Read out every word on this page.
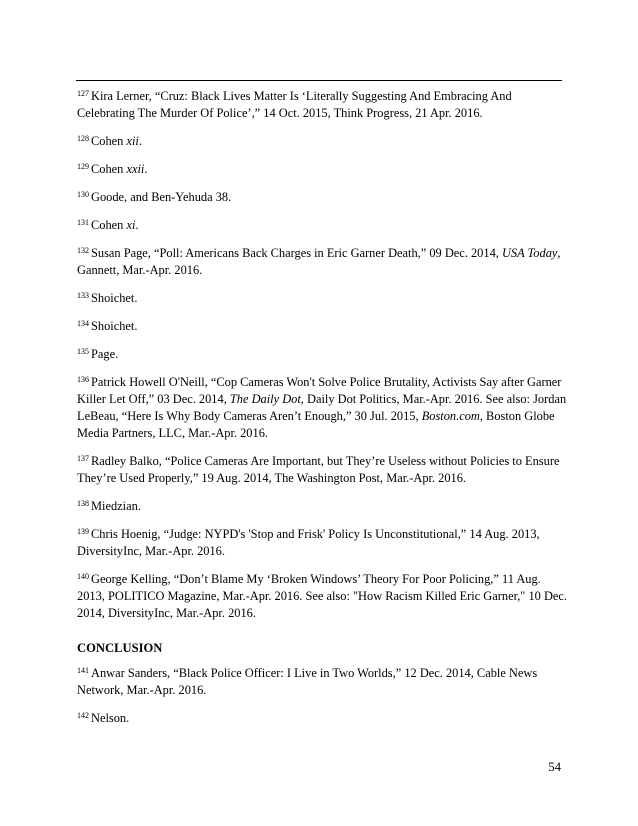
$^{127}$ Kira Lerner, “Cruz: Black Lives Matter Is ‘Literally Suggesting And Embracing And Celebrating The Murder Of Police’,” 14 Oct. 2015, Think Progress, 21 Apr. 2016.
$^{128}$ Cohen xii.
$^{129}$ Cohen xxii.
$^{130}$ Goode, and Ben-Yehuda 38.
$^{131}$ Cohen xi.
$^{132}$ Susan Page, “Poll: Americans Back Charges in Eric Garner Death,” 09 Dec. 2014, USA Today, Gannett, Mar.-Apr. 2016.
$^{133}$ Shoichet.
$^{134}$ Shoichet.
$^{135}$ Page.
$^{136}$ Patrick Howell O'Neill, “Cop Cameras Won't Solve Police Brutality, Activists Say after Garner Killer Let Off,” 03 Dec. 2014, The Daily Dot, Daily Dot Politics, Mar.-Apr. 2016. See also: Jordan LeBeau, “Here Is Why Body Cameras Aren’t Enough,” 30 Jul. 2015, Boston.com, Boston Globe Media Partners, LLC, Mar.-Apr. 2016.
$^{137}$ Radley Balko, “Police Cameras Are Important, but They’re Useless without Policies to Ensure They’re Used Properly,” 19 Aug. 2014, The Washington Post, Mar.-Apr. 2016.
$^{138}$ Miedzian.
$^{139}$ Chris Hoenig, “Judge: NYPD's 'Stop and Frisk' Policy Is Unconstitutional,” 14 Aug. 2013, DiversityInc, Mar.-Apr. 2016.
$^{140}$ George Kelling, “Don’t Blame My ‘Broken Windows’ Theory For Poor Policing,” 11 Aug. 2013, POLITICO Magazine, Mar.-Apr. 2016. See also: "How Racism Killed Eric Garner," 10 Dec. 2014, DiversityInc, Mar.-Apr. 2016.
CONCLUSION
$^{141}$ Anwar Sanders, “Black Police Officer: I Live in Two Worlds,” 12 Dec. 2014, Cable News Network, Mar.-Apr. 2016.
$^{142}$ Nelson.
54
